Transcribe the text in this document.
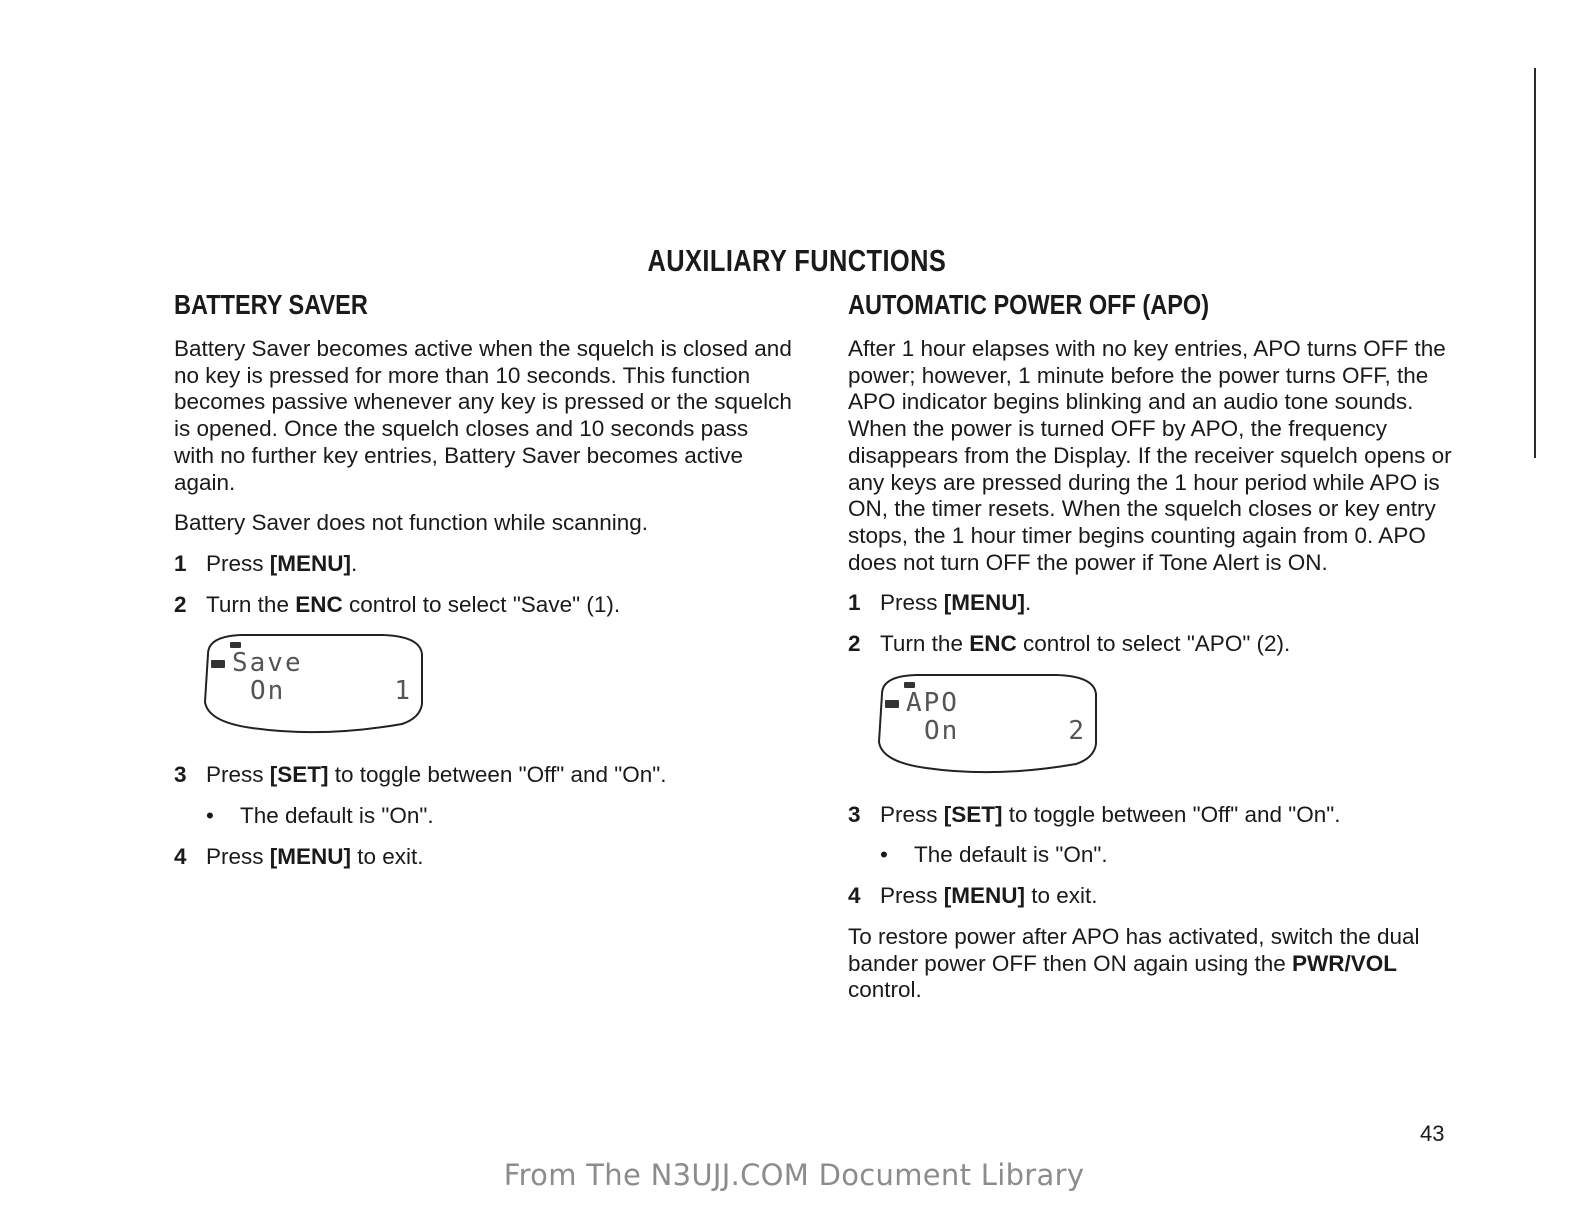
AUXILIARY FUNCTIONS
BATTERY SAVER

Battery Saver becomes active when the squelch is closed and no key is pressed for more than 10 seconds. This function becomes passive whenever any key is pressed or the squelch is opened. Once the squelch closes and 10 seconds pass with no further key entries, Battery Saver becomes active again.

Battery Saver does not function while scanning.

1 Press [MENU].
2 Turn the ENC control to select "Save" (1).
Save
On	1
3 Press [SET] to toggle between "Off" and "On".
• The default is "On".
4 Press [MENU] to exit.
AUTOMATIC POWER OFF (APO)

After 1 hour elapses with no key entries, APO turns OFF the power; however, 1 minute before the power turns OFF, the APO indicator begins blinking and an audio tone sounds. When the power is turned OFF by APO, the frequency disappears from the Display. If the receiver squelch opens or any keys are pressed during the 1 hour period while APO is ON, the timer resets. When the squelch closes or key entry stops, the 1 hour timer begins counting again from 0. APO does not turn OFF the power if Tone Alert is ON.

1 Press [MENU].
2 Turn the ENC control to select "APO" (2).
APO
On	2
3 Press [SET] to toggle between "Off" and "On".
• The default is "On".
4 Press [MENU] to exit.

To restore power after APO has activated, switch the dual bander power OFF then ON again using the PWR/VOL control.

43
From The N3UJJ.COM Document Library
